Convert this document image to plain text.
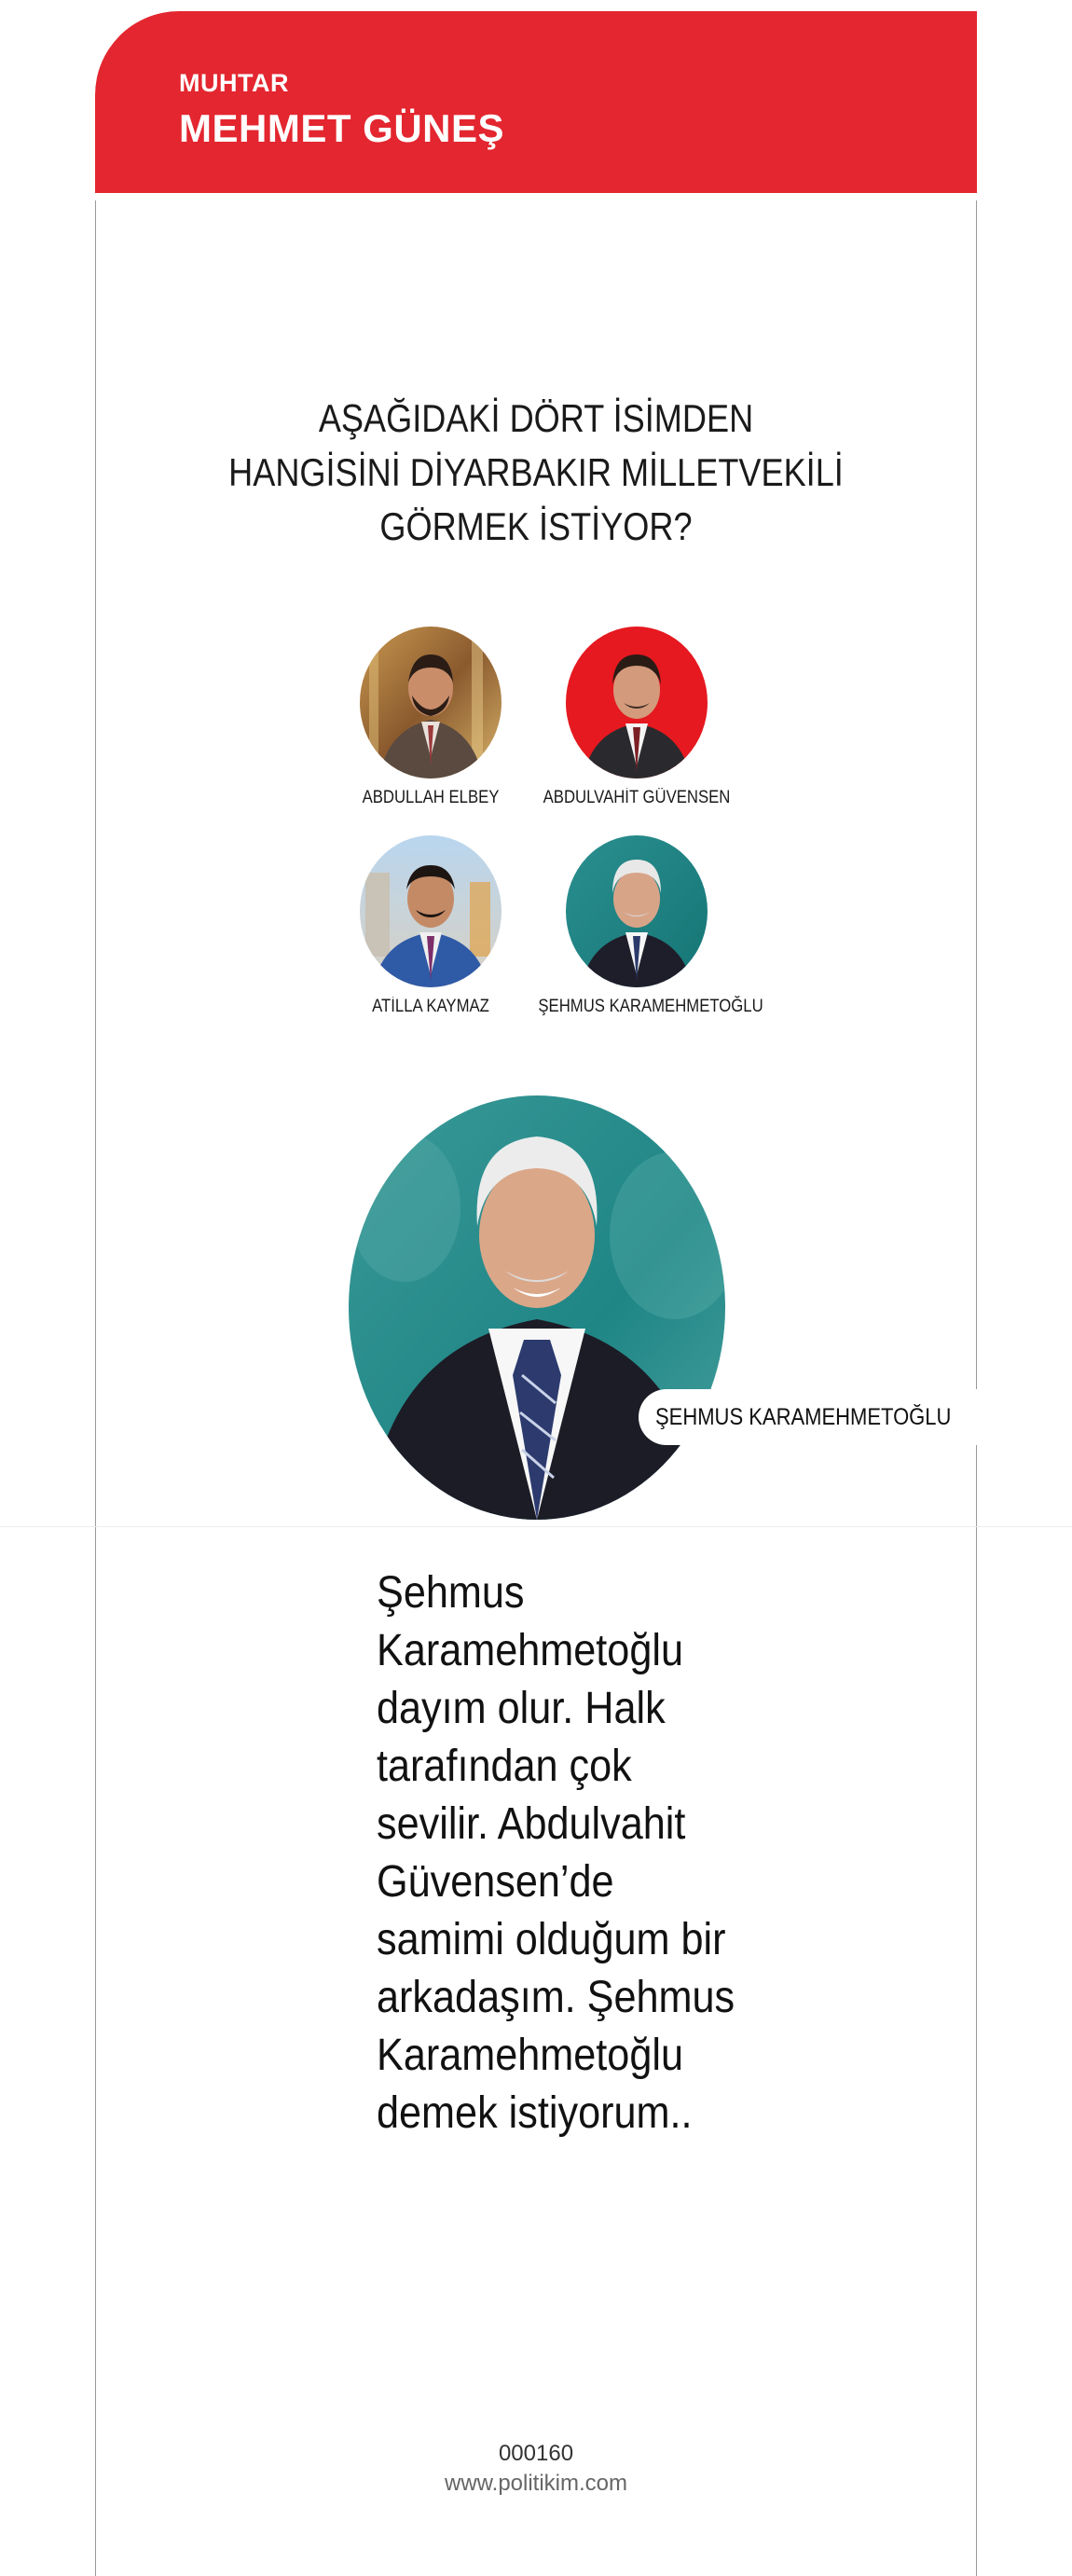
MUHTAR
MEHMET GÜNEŞ
AŞAĞIDAKİ DÖRT İSİMDEN
HANGİSİNİ DİYARBAKIR MİLLETVEKİLİ
GÖRMEK İSTİYOR?
ABDULLAH ELBEY	ABDULVAHİT GÜVENSEN
ATİLLA KAYMAZ	ŞEHMUS KARAMEHMETOĞLU
ŞEHMUS KARAMEHMETOĞLU
Şehmus
Karamehmetoğlu
dayım olur. Halk
tarafından çok
sevilir. Abdulvahit
Güvensen’de
samimi olduğum bir
arkadaşım. Şehmus
Karamehmetoğlu
demek istiyorum..
000160
www.politikim.com
